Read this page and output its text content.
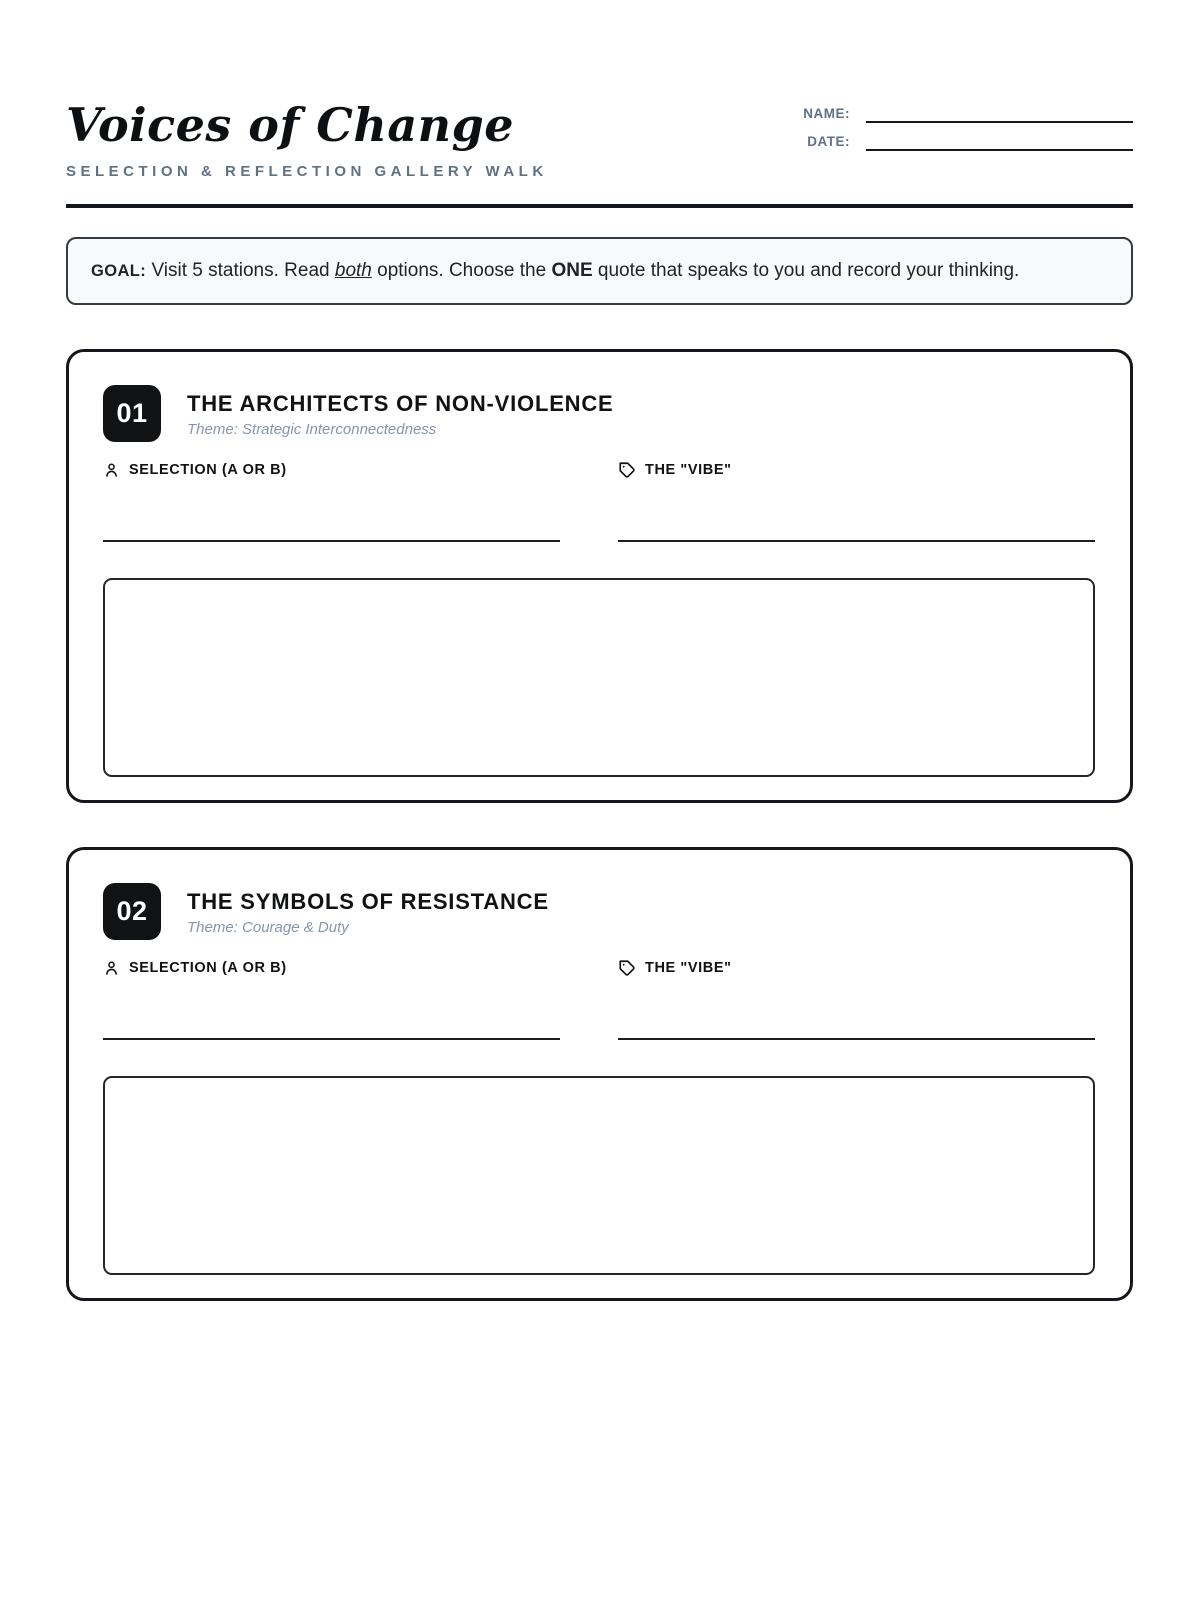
Voices of Change
SELECTION & REFLECTION GALLERY WALK
NAME:
DATE:
GOAL: Visit 5 stations. Read both options. Choose the ONE quote that speaks to you and record your thinking.
01	THE ARCHITECTS OF NON-VIOLENCE
Theme: Strategic Interconnectedness
SELECTION (A OR B)	THE "VIBE"
02	THE SYMBOLS OF RESISTANCE
Theme: Courage & Duty
SELECTION (A OR B)	THE "VIBE"
